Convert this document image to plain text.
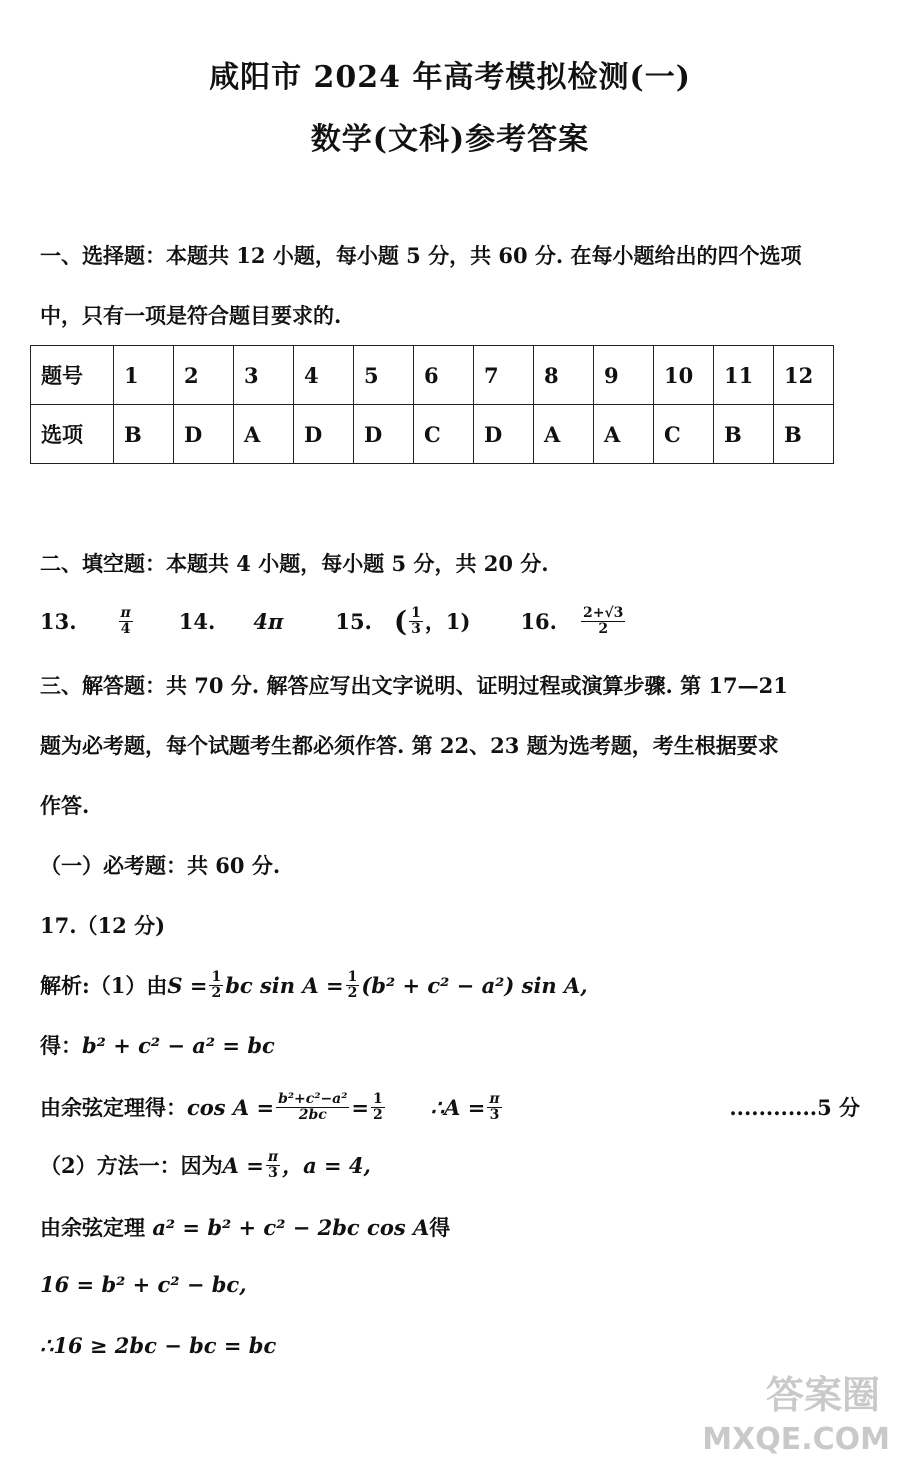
咸阳市 2024 年高考模拟检测(一)
数学(文科)参考答案
一、选择题：本题共 12 小题，每小题 5 分，共 60 分. 在每小题给出的四个选项
中，只有一项是符合题目要求的.
题号	1	2	3	4	5	6	7	8	9	10	11	12
选项	B	D	A	D	D	C	D	A	A	C	B	B
二、填空题：本题共 4 小题，每小题 5 分，共 20 分.
13.	$\frac{\pi}{4} 14$. 4π 15. ( $\frac{1}{3}$ ，1) 16. $\frac{2+√3}{2}$
三、解答题：共 70 分. 解答应写出文字说明、证明过程或演算步骤. 第 17—21
题为必考题，每个试题考生都必须作答. 第 22、23 题为选考题，考生根据要求
作答.
（一）必考题：共 60 分.
17.（12 分)
解析:（1）由 $S = \frac{1}{2}$ bc $\sin A = \frac{1}{2} (b^2 + c^2 - a^2)$ sin A,
得：b² + c² − a² = bc
由余弦定理得： $\cos A = \frac{\text{b²+c²−a²}}{2bc} = \frac{1}{2}$ ∴A = $\frac{\pi}{3}$	............5 分
（2）方法一：因为 $A = \frac{\pi}{3}$ ，a = 4,
由余弦定理 a² = b² + c² − 2bc cos A得
16 = b² + c² − bc,
∴16 ≥ 2bc − bc = bc
答案圈
MXQE.COM
